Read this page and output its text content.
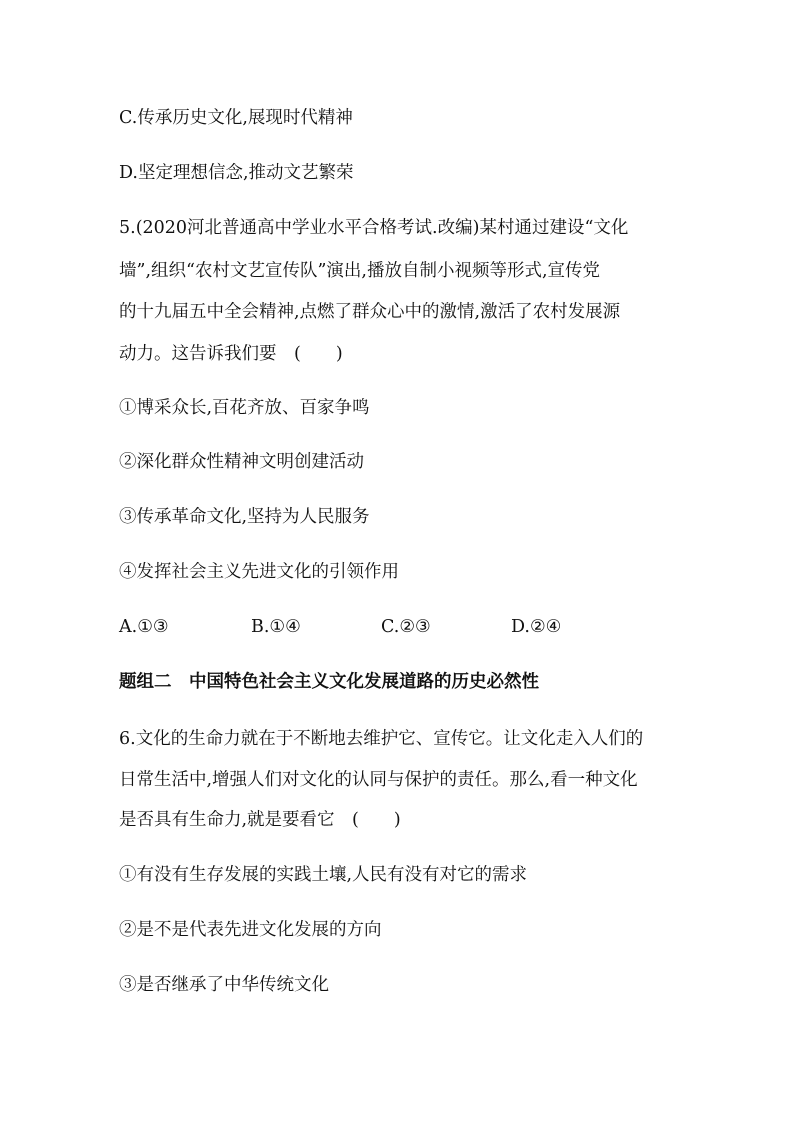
C.传承历史文化,展现时代精神
D.坚定理想信念,推动文艺繁荣
5.(2020河北普通高中学业水平合格考试.改编)某村通过建设“文化
墙”,组织“农村文艺宣传队”演出,播放自制小视频等形式,宣传党
的十九届五中全会精神,点燃了群众心中的激情,激活了农村发展源
动力。这告诉我们要　(　　)
①博采众长,百花齐放、百家争鸣
②深化群众性精神文明创建活动
③传承革命文化,坚持为人民服务
④发挥社会主义先进文化的引领作用
A.①③	B.①④	C.②③	D.②④
题组二　中国特色社会主义文化发展道路的历史必然性
6.文化的生命力就在于不断地去维护它、宣传它。让文化走入人们的
日常生活中,增强人们对文化的认同与保护的责任。那么,看一种文化
是否具有生命力,就是要看它　(　　)
①有没有生存发展的实践土壤,人民有没有对它的需求
②是不是代表先进文化发展的方向
③是否继承了中华传统文化
